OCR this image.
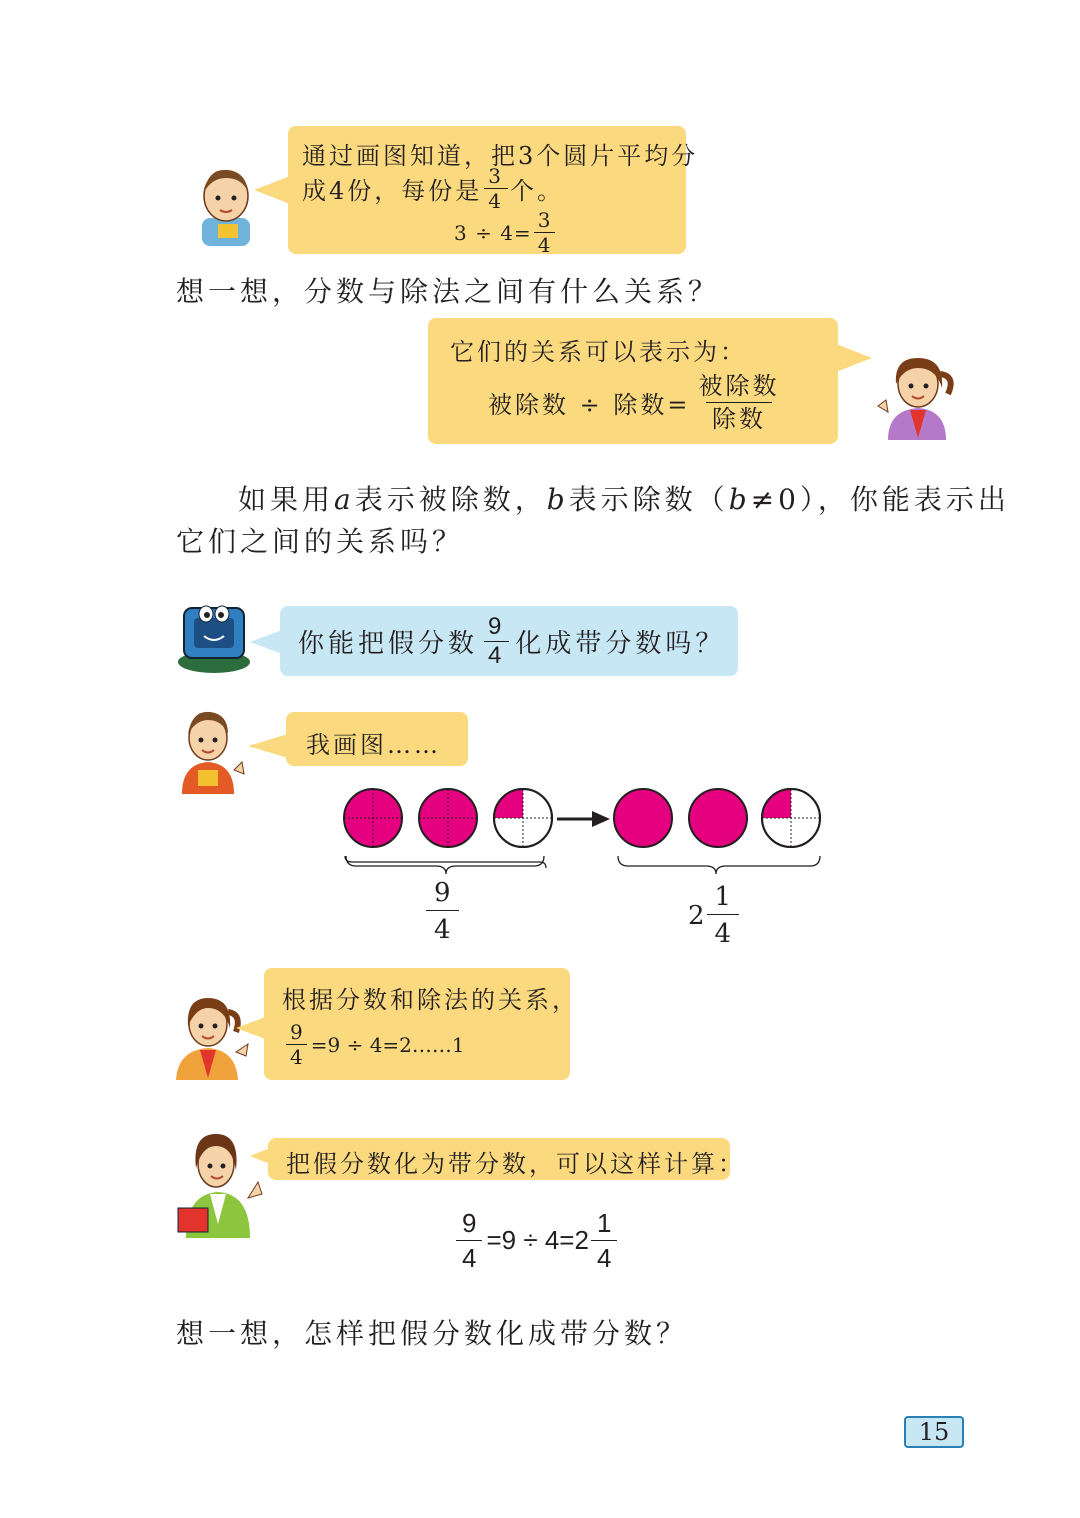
通过画图知道，把3个圆片平均分
成4份，每份是 $\frac{3}{4}$ 个。
$3 \div 4= \frac{3}{4}$
想一想，分数与除法之间有什么关系？
它们的关系可以表示为：
被除数 ÷ 除数= $\frac{\text{被除数}}{\text{除数}}$
如果用a表示被除数，b表示除数（b≠0），你能表示出
它们之间的关系吗？
你能把假分数 $\frac{9}{4}$ 化成带分数吗？
我画图……
$\frac{9}{4}$	$2 \frac{1}{4}$
根据分数和除法的关系，
$\frac{9}{4} =9$ ÷ 4=2……1
把假分数化为带分数，可以这样计算：
$\frac{9}{4} =9 \div 4=2 \frac{1}{4}$
想一想，怎样把假分数化成带分数？
15
